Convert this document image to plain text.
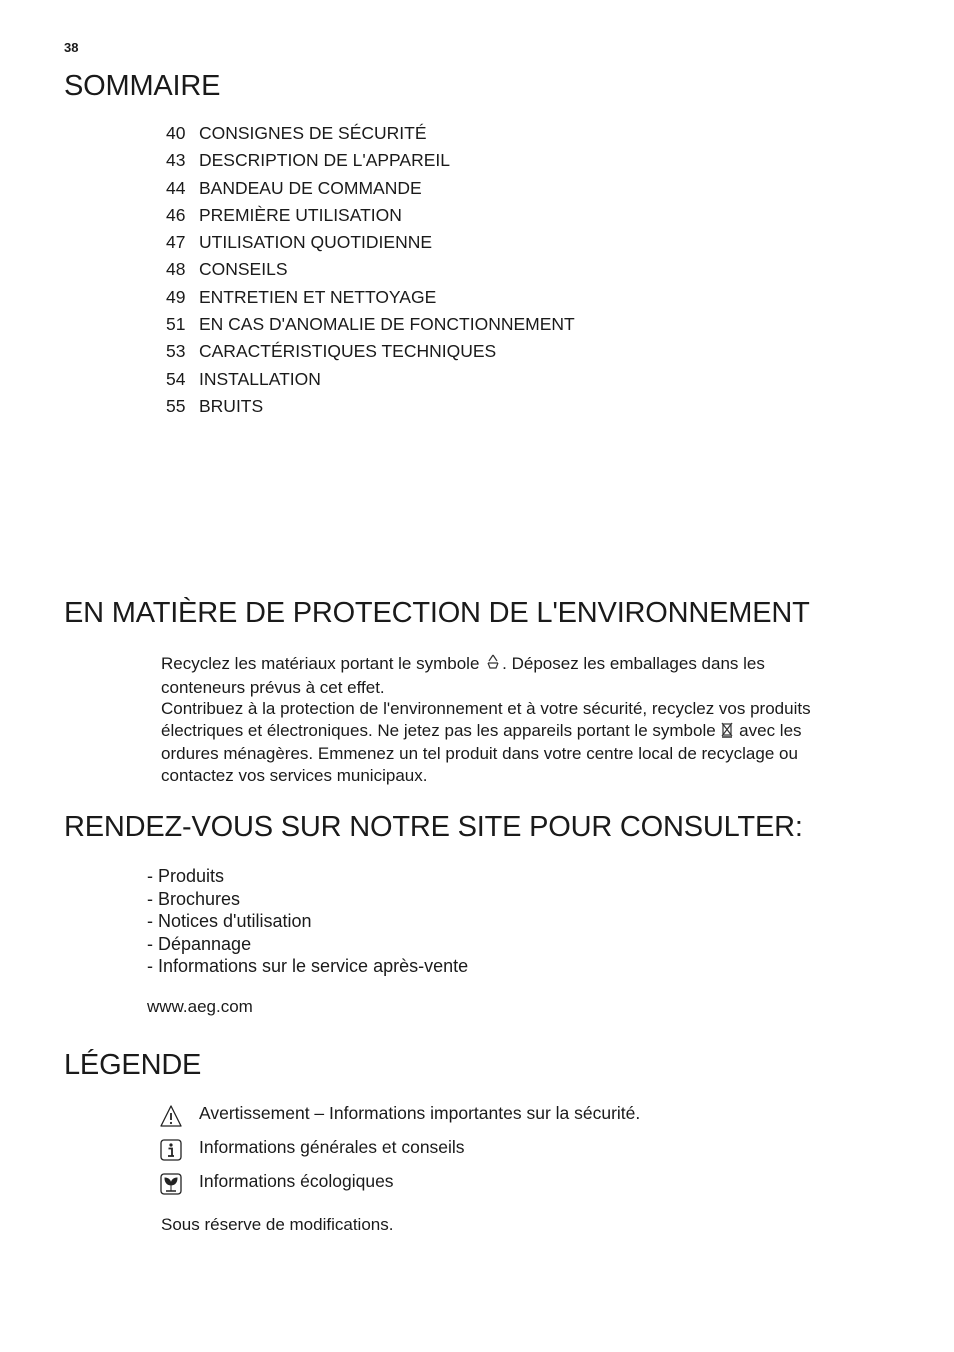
38
SOMMAIRE
40 CONSIGNES DE SÉCURITÉ
43 DESCRIPTION DE L'APPAREIL
44 BANDEAU DE COMMANDE
46 PREMIÈRE UTILISATION
47 UTILISATION QUOTIDIENNE
48 CONSEILS
49 ENTRETIEN ET NETTOYAGE
51 EN CAS D'ANOMALIE DE FONCTIONNEMENT
53 CARACTÉRISTIQUES TECHNIQUES
54 INSTALLATION
55 BRUITS
EN MATIÈRE DE PROTECTION DE L'ENVIRONNEMENT

Recyclez les matériaux portant le symbole . Déposez les emballages dans les

conteneurs prévus à cet effet.

Contribuez à la protection de l'environnement et à votre sécurité, recyclez vos produits

électriques et électroniques. Ne jetez pas les appareils portant le symbole avec les

ordures ménagères. Emmenez un tel produit dans votre centre local de recyclage ou

contactez vos services municipaux.

RENDEZ-VOUS SUR NOTRE SITE POUR CONSULTER:
- Produits
- Brochures
- Notices d'utilisation
- Dépannage
- Informations sur le service après-vente
www.aeg.com
LÉGENDE
Avertissement – Informations importantes sur la sécurité.
Informations générales et conseils
Informations écologiques
Sous réserve de modifications.
